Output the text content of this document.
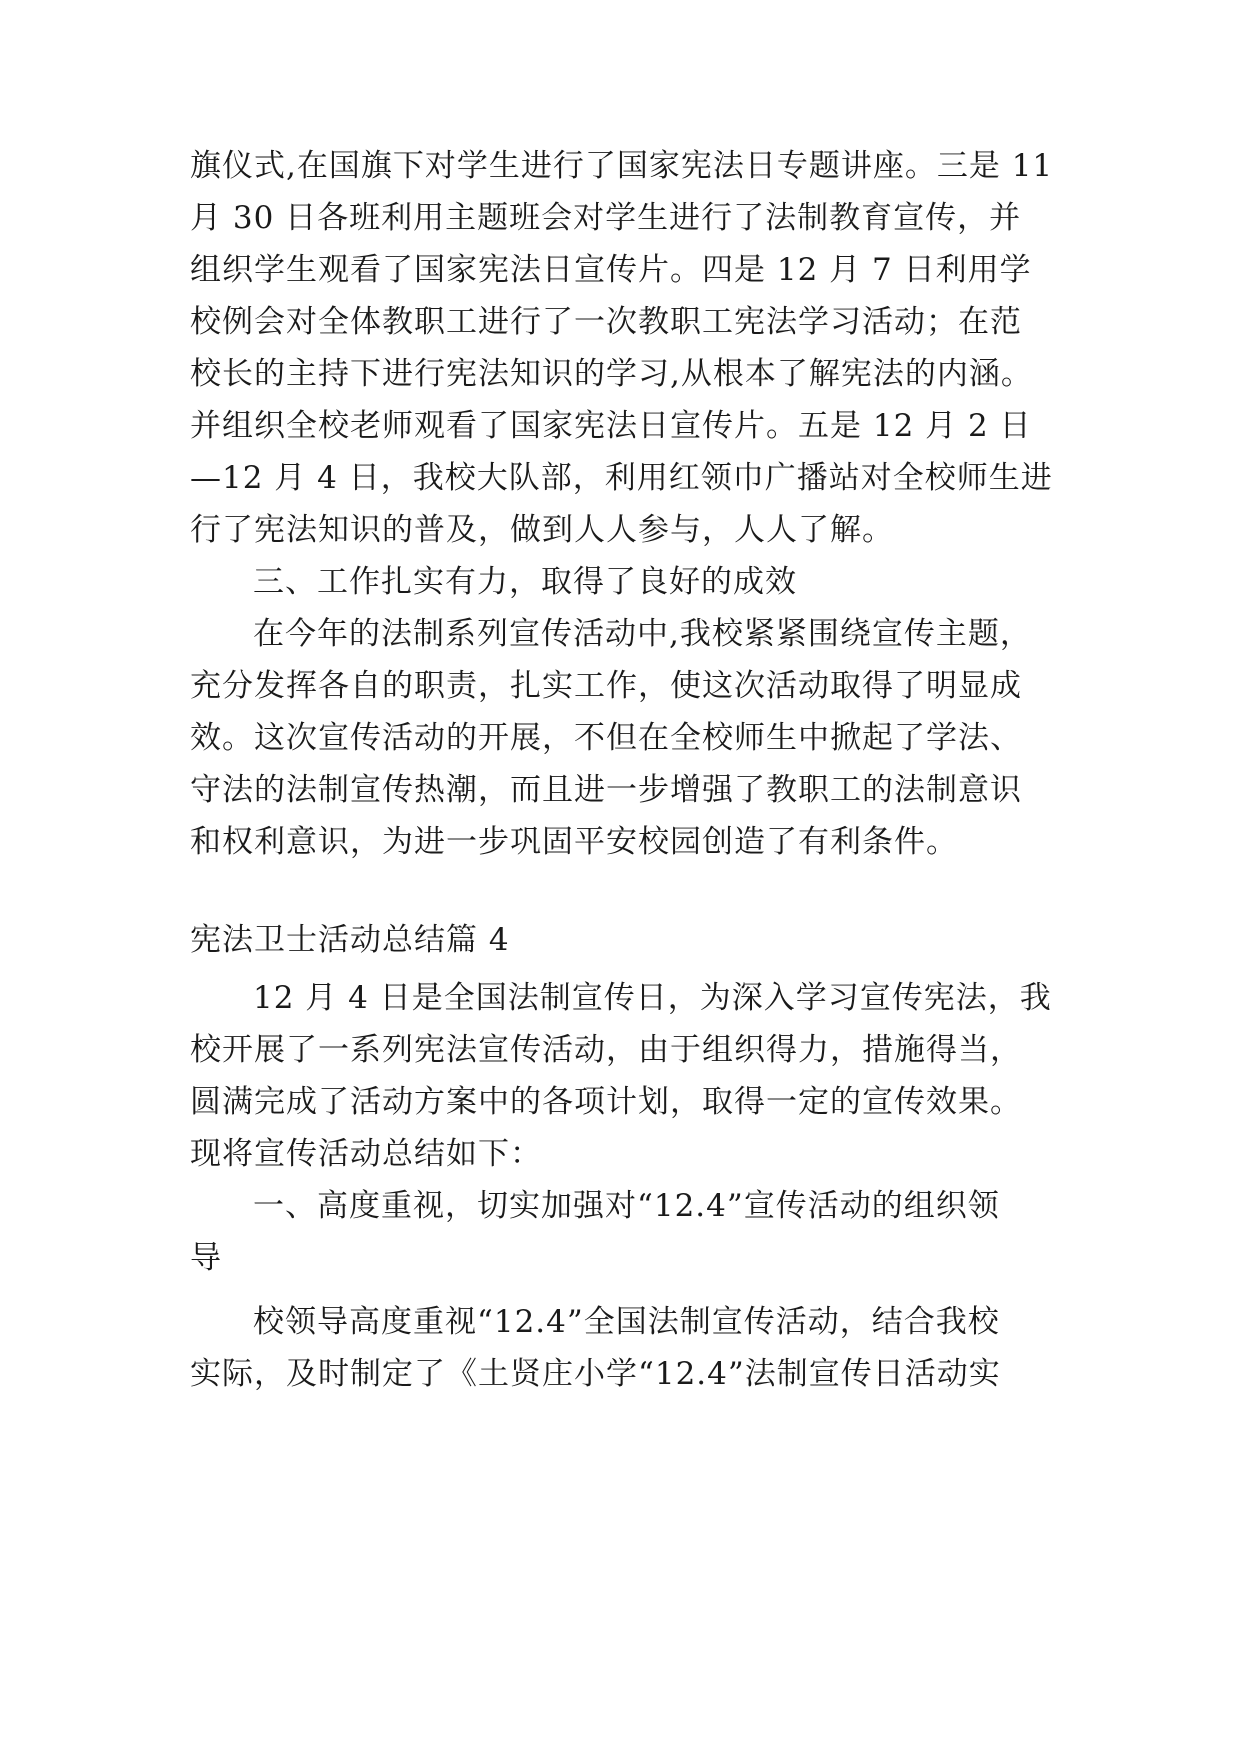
旗仪式,在国旗下对学生进行了国家宪法日专题讲座。三是 11
月 30 日各班利用主题班会对学生进行了法制教育宣传，并
组织学生观看了国家宪法日宣传片。四是 12 月 7 日利用学
校例会对全体教职工进行了一次教职工宪法学习活动；在范
校长的主持下进行宪法知识的学习,从根本了解宪法的内涵。
并组织全校老师观看了国家宪法日宣传片。五是 12 月 2 日
—12 月 4 日，我校大队部，利用红领巾广播站对全校师生进
行了宪法知识的普及，做到人人参与，人人了解。
三、工作扎实有力，取得了良好的成效
在今年的法制系列宣传活动中,我校紧紧围绕宣传主题，
充分发挥各自的职责，扎实工作，使这次活动取得了明显成
效。这次宣传活动的开展，不但在全校师生中掀起了学法、
守法的法制宣传热潮，而且进一步增强了教职工的法制意识
和权利意识，为进一步巩固平安校园创造了有利条件。
宪法卫士活动总结篇 4
12 月 4 日是全国法制宣传日，为深入学习宣传宪法，我
校开展了一系列宪法宣传活动，由于组织得力，措施得当，
圆满完成了活动方案中的各项计划，取得一定的宣传效果。
现将宣传活动总结如下：
一、高度重视，切实加强对“12.4”宣传活动的组织领
导
校领导高度重视“12.4”全国法制宣传活动，结合我校
实际，及时制定了《土贤庄小学“12.4”法制宣传日活动实
